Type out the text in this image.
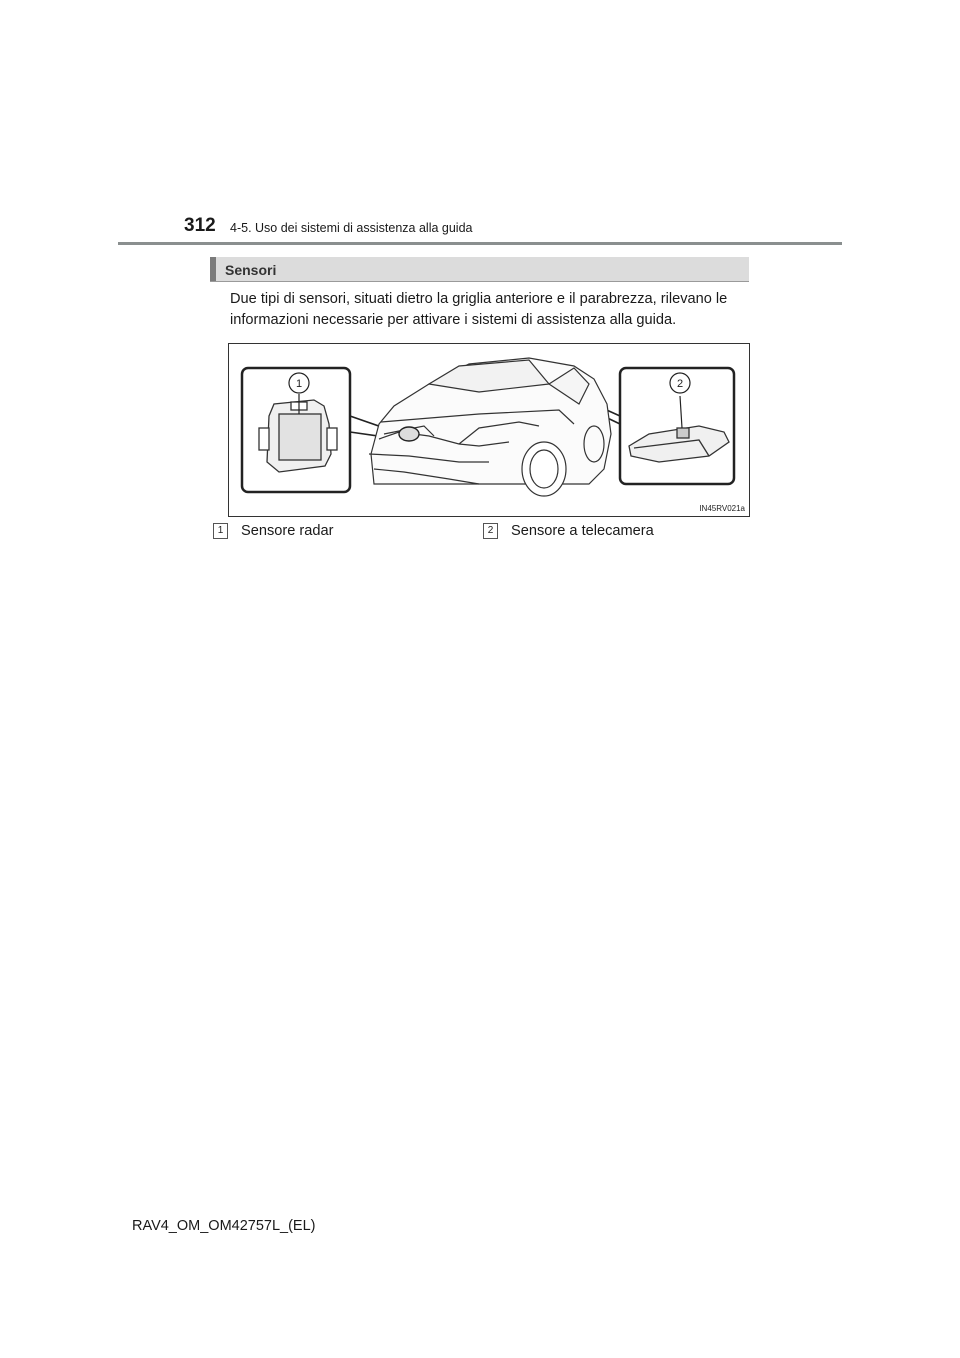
312 4-5. Uso dei sistemi di assistenza alla guida
Sensori

Due tipi di sensori, situati dietro la griglia anteriore e il parabrezza, rilevano le informazioni necessarie per attivare i sistemi di assistenza alla guida.

1	2
IN45RV021a
1	Sensore radar	2	Sensore a telecamera
RAV4_OM_OM42757L_(EL)
